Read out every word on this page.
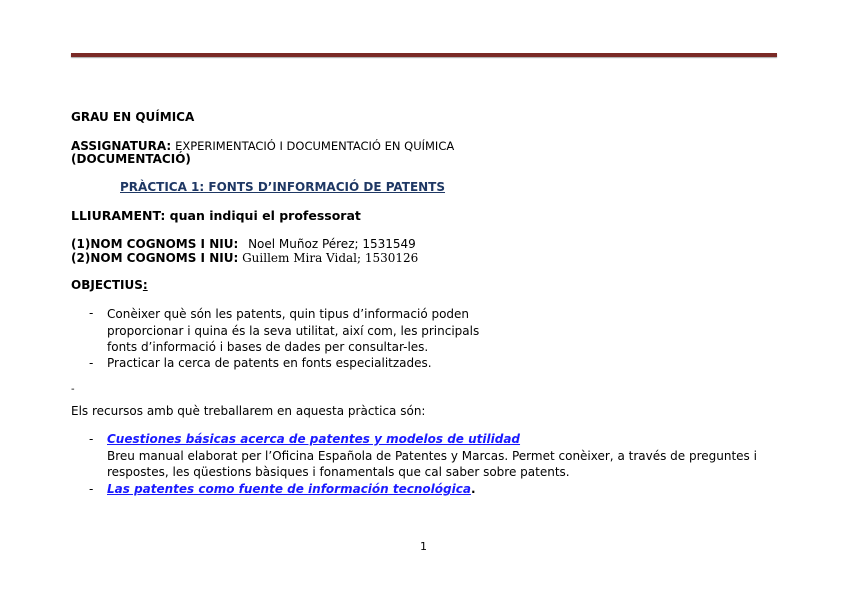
GRAU EN QUÍMICA
ASSIGNATURA: EXPERIMENTACIÓ I DOCUMENTACIÓ EN QUÍMICA
(DOCUMENTACIÓ)
PRÀCTICA 1: FONTS D’INFORMACIÓ DE PATENTS
LLIURAMENT: quan indiqui el professorat
(1)NOM COGNOMS I NIU: Noel Muñoz Pérez; 1531549
(2)NOM COGNOMS I NIU: Guillem Mira Vidal; 1530126
OBJECTIUS:
- Conèixer què són les patents, quin tipus d’informació poden
proporcionar i quina és la seva utilitat, així com, les principals
fonts d’informació i bases de dades per consultar-les.
- Practicar la cerca de patents en fonts especialitzades.
-
Els recursos amb què treballarem en aquesta pràctica són:
- Cuestiones básicas acerca de patentes y modelos de utilidad
Breu manual elaborat per l’Oficina Española de Patentes y Marcas. Permet conèixer, a través de preguntes i
respostes, les qüestions bàsiques i fonamentals que cal saber sobre patents.
- Las patentes como fuente de información tecnológica.
1
